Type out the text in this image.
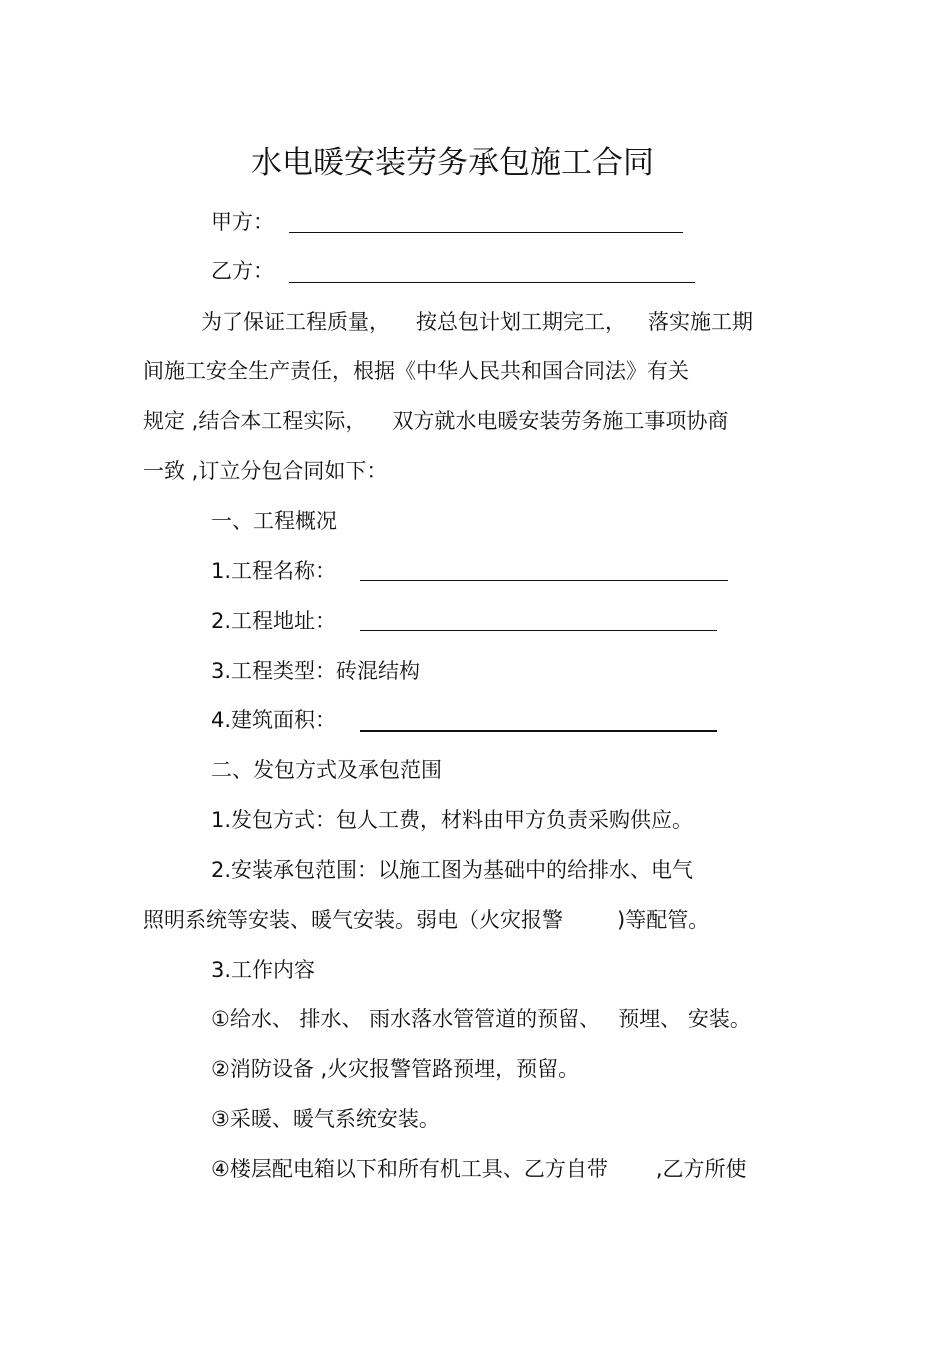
水电暖安装劳务承包施工合同
甲方：
乙方：
为了保证工程质量， 按总包计划工期完工， 落实施工期
间施工安全生产责任，根据《中华人民共和国合同法》有关
规定 ,结合本工程实际， 双方就水电暖安装劳务施工事项协商
一致 ,订立分包合同如下：
一、工程概况
1.工程名称：
2.工程地址：
3.工程类型：砖混结构
4.建筑面积：
二、发包方式及承包范围
1.发包方式：包人工费，材料由甲方负责采购供应。
2.安装承包范围：以施工图为基础中的给排水、电气
照明系统等安装、暖气安装。弱电（火灾报警	)等配管。
3.工作内容
①给水、 排水、 雨水落水管管道的预留、 预埋、 安装。
②消防设备 ,火灾报警管路预埋，预留。
③采暖、暖气系统安装。
④楼层配电箱以下和所有机工具、乙方自带 ,乙方所使
